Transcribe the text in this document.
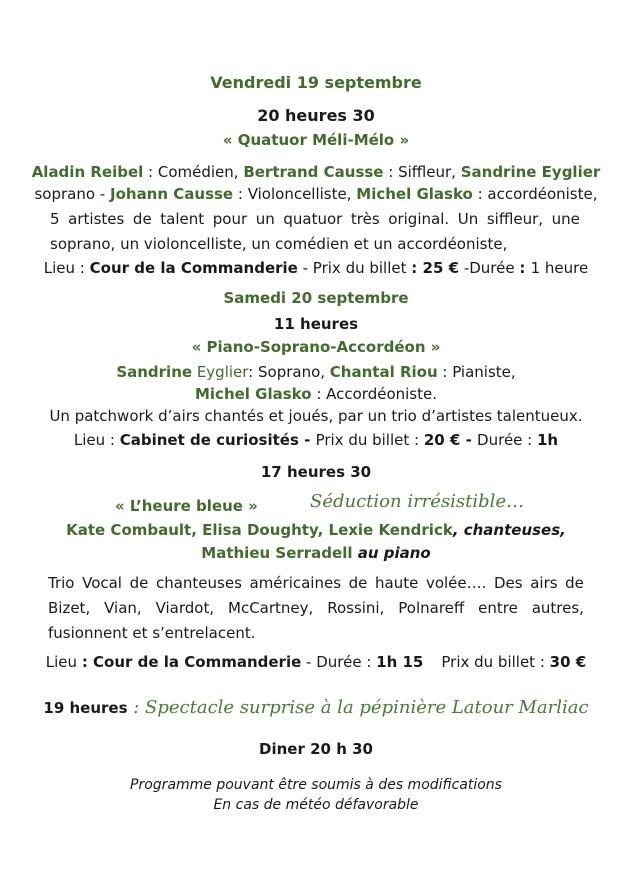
Vendredi 19 septembre
20 heures 30
« Quatuor Méli-Mélo »
Aladin Reibel : Comédien, Bertrand Causse : Siffleur, Sandrine Eyglier
soprano - Johann Causse : Violoncelliste, Michel Glasko : accordéoniste,
5 artistes de talent pour un quatuor très original. Un siffleur, une
soprano, un violoncelliste, un comédien et un accordéoniste,
Lieu : Cour de la Commanderie - Prix du billet : 25 € -Durée : 1 heure
Samedi 20 septembre
11 heures
« Piano-Soprano-Accordéon »
Sandrine Eyglier: Soprano, Chantal Riou : Pianiste,
Michel Glasko : Accordéoniste.
Un patchwork d’airs chantés et joués, par un trio d’artistes talentueux.
Lieu : Cabinet de curiosités - Prix du billet : 20 € - Durée : 1h
17 heures 30
« L’heure bleue »	Séduction irrésistible…
Kate Combault, Elisa Doughty, Lexie Kendrick, chanteuses,
Mathieu Serradell au piano
Trio Vocal de chanteuses américaines de haute volée…. Des airs de
Bizet, Vian, Viardot, McCartney, Rossini, Polnareff entre autres,
fusionnent et s’entrelacent.
Lieu : Cour de la Commanderie - Durée : 1h 15 Prix du billet : 30 €
19 heures : Spectacle surprise à la pépinière Latour Marliac
Diner 20 h 30
Programme pouvant être soumis à des modifications
En cas de météo défavorable
